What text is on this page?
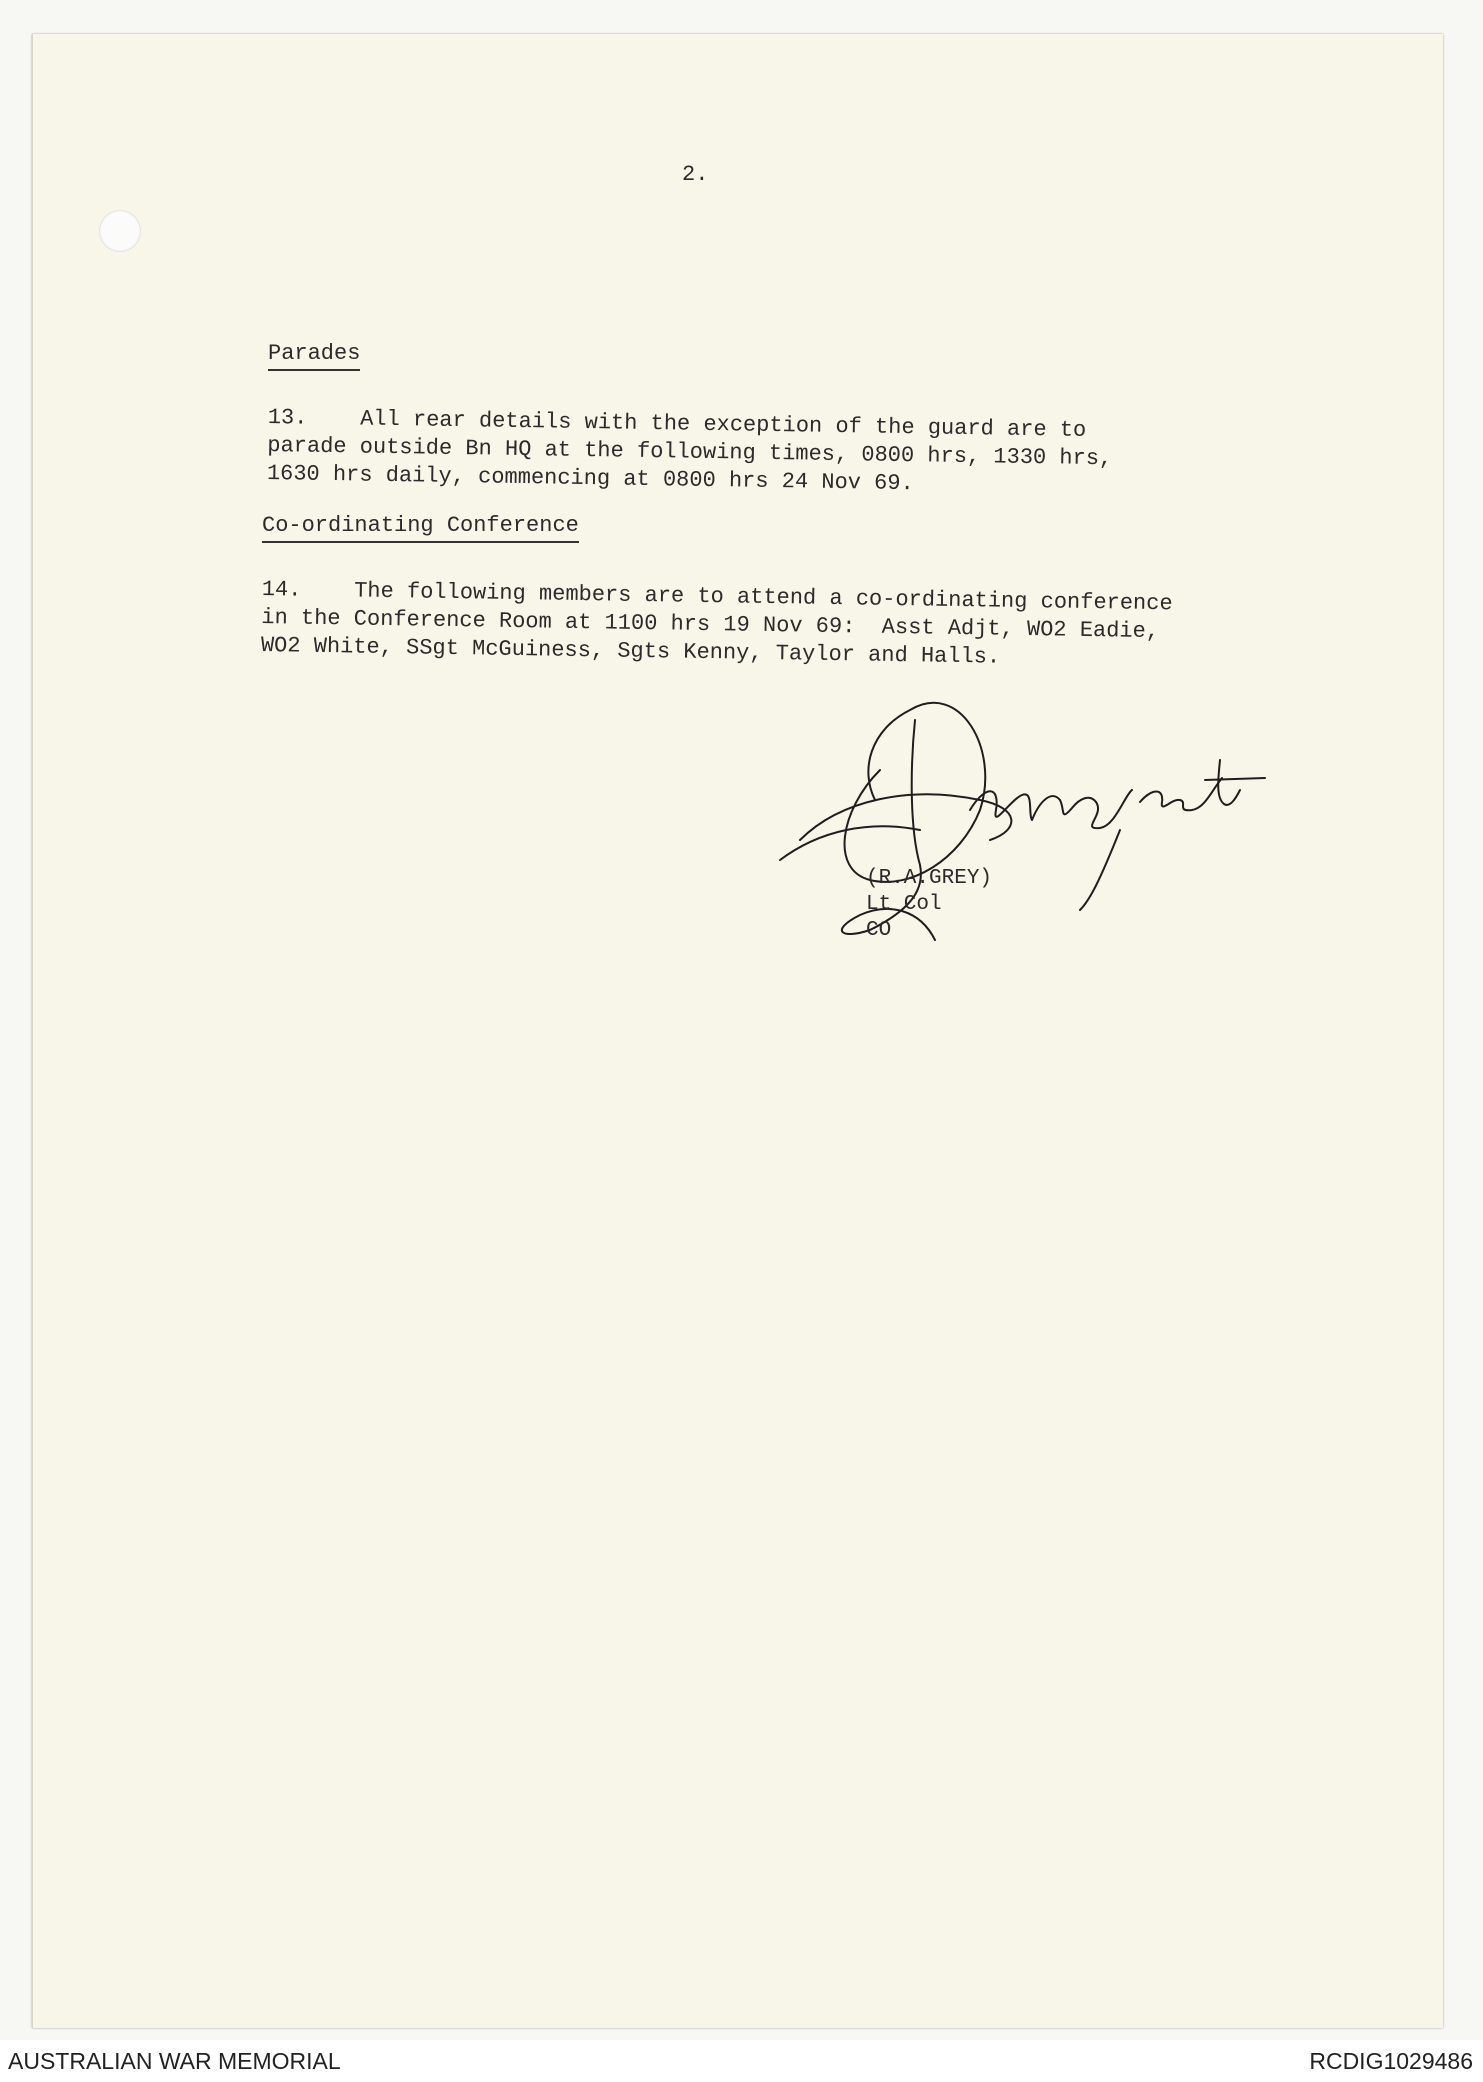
2.
Parades
13.    All rear details with the exception of the guard are to
parade outside Bn HQ at the following times, 0800 hrs, 1330 hrs,
1630 hrs daily, commencing at 0800 hrs 24 Nov 69.
Co-ordinating Conference
14.    The following members are to attend a co-ordinating conference
in the Conference Room at 1100 hrs 19 Nov 69:  Asst Adjt, WO2 Eadie,
WO2 White, SSgt McGuiness, Sgts Kenny, Taylor and Halls.
(R.A.GREY)
Lt Col
CO
AUSTRALIAN WAR MEMORIAL	RCDIG1029486
